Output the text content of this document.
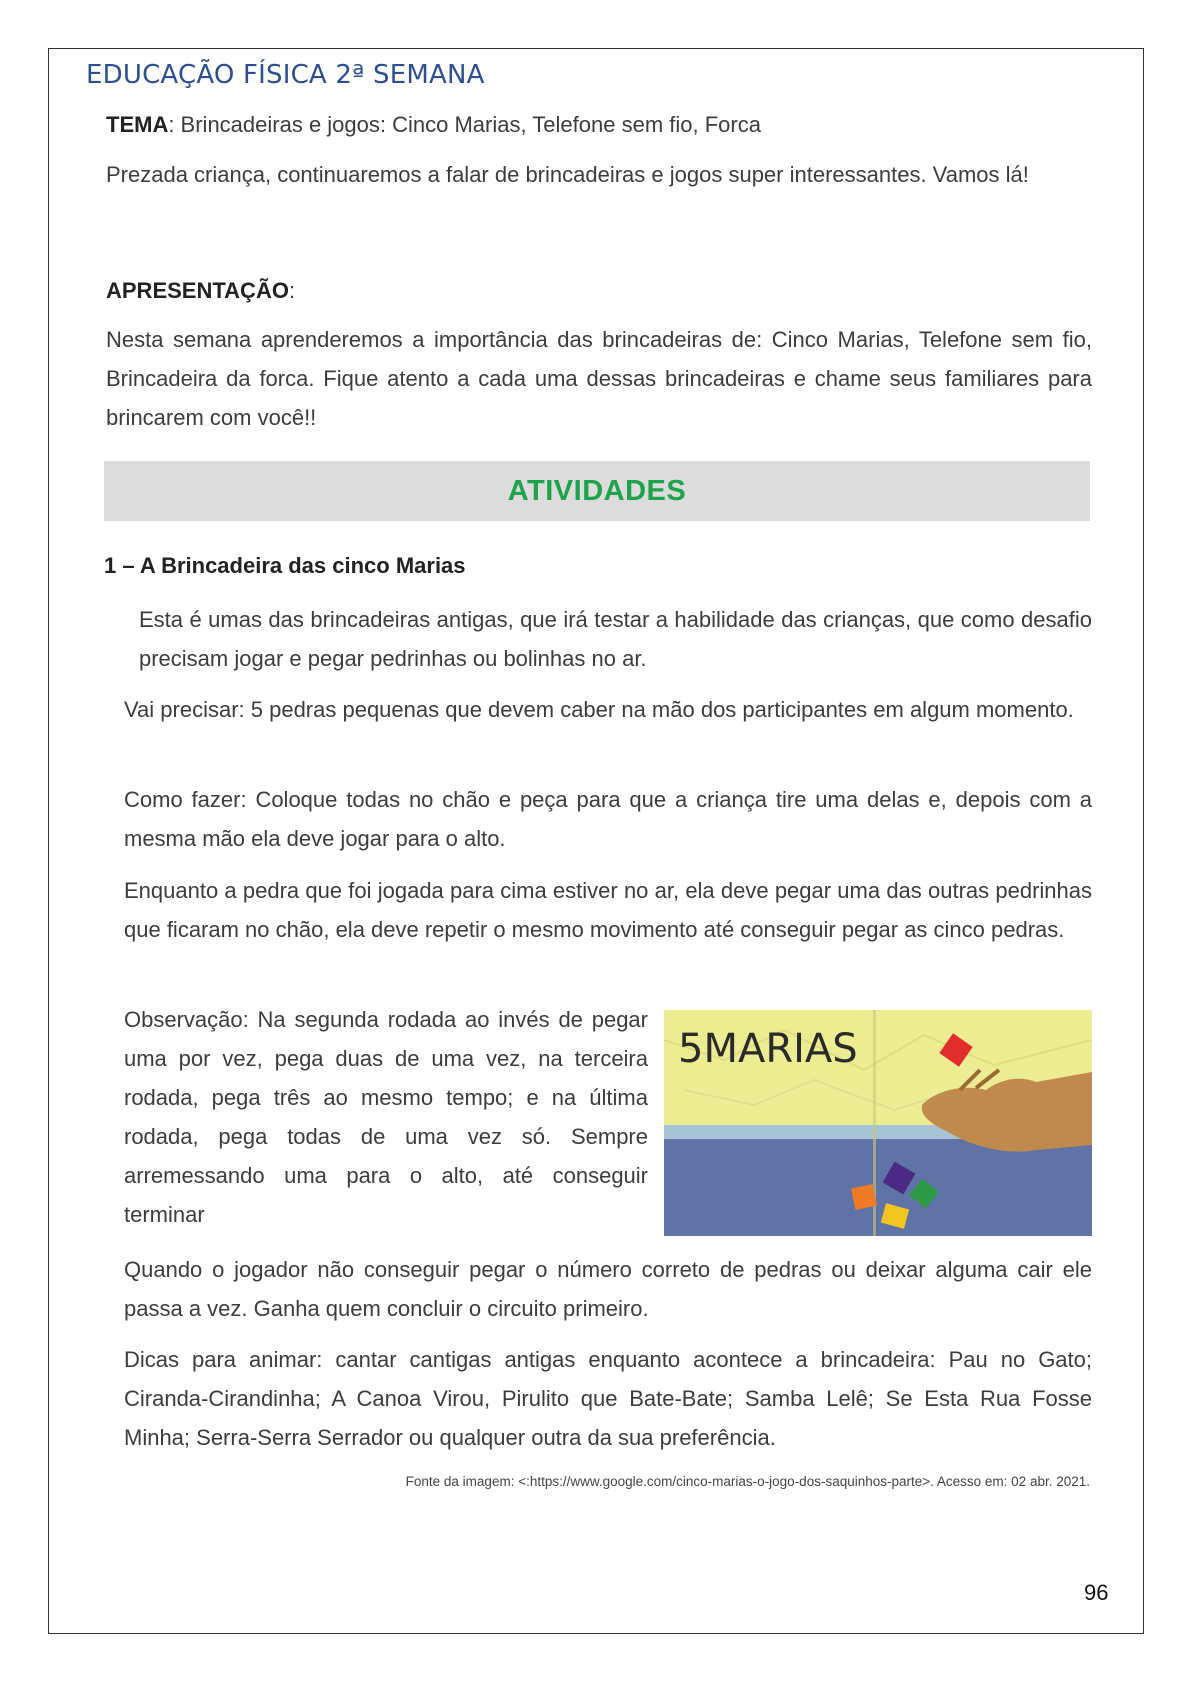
EDUCAÇÃO FÍSICA 2ª SEMANA

TEMA: Brincadeiras e jogos: Cinco Marias, Telefone sem fio, Forca

Prezada criança, continuaremos a falar de brincadeiras e jogos super interessantes. Vamos lá!

APRESENTAÇÃO:

Nesta semana aprenderemos a importância das brincadeiras de: Cinco Marias, Telefone sem fio, Brincadeira da forca. Fique atento a cada uma dessas brincadeiras e chame seus familiares para brincarem com você!!

ATIVIDADES
1 – A Brincadeira das cinco Marias

Esta é umas das brincadeiras antigas, que irá testar a habilidade das crianças, que como desafio precisam jogar e pegar pedrinhas ou bolinhas no ar.

Vai precisar: 5 pedras pequenas que devem caber na mão dos participantes em algum momento.

Como fazer: Coloque todas no chão e peça para que a criança tire uma delas e, depois com a mesma mão ela deve jogar para o alto.

Enquanto a pedra que foi jogada para cima estiver no ar, ela deve pegar uma das outras pedrinhas que ficaram no chão, ela deve repetir o mesmo movimento até conseguir pegar as cinco pedras.

Observação: Na segunda rodada ao invés de pegar uma por vez, pega duas de uma vez, na terceira rodada, pega três ao mesmo tempo; e na última rodada, pega todas de uma vez só. Sempre arremessando uma para o alto, até conseguir terminar

5MARIAS

Quando o jogador não conseguir pegar o número correto de pedras ou deixar alguma cair ele passa a vez. Ganha quem concluir o circuito primeiro.

Dicas para animar: cantar cantigas antigas enquanto acontece a brincadeira: Pau no Gato; Ciranda-Cirandinha; A Canoa Virou, Pirulito que Bate-Bate; Samba Lelê; Se Esta Rua Fosse Minha; Serra-Serra Serrador ou qualquer outra da sua preferência.

Fonte da imagem: <:https://www.google.com/cinco-marias-o-jogo-dos-saquinhos-parte>. Acesso em: 02 abr. 2021.
96
